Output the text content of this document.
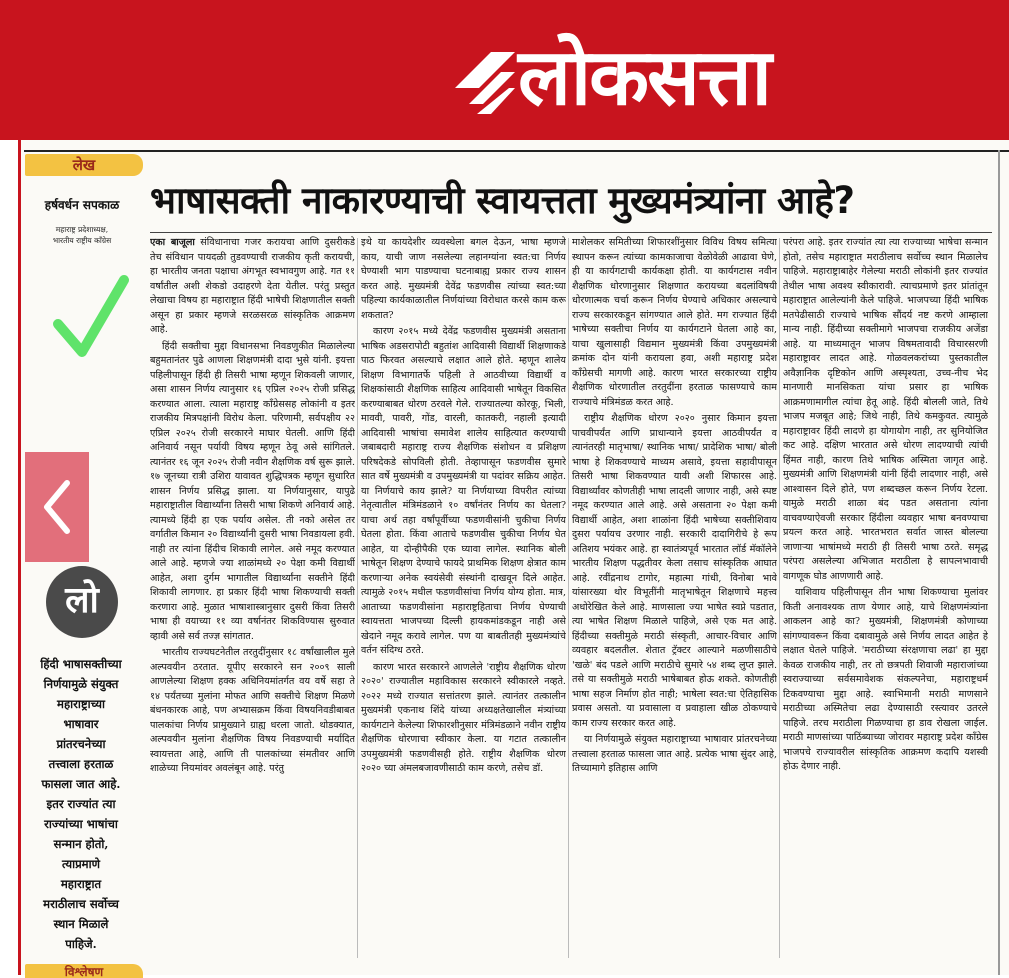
लोकसत्ता
लेख
हर्षवर्धन सपकाळ
महाराष्ट्र प्रदेशाध्यक्ष,
भारतीय राष्ट्रीय काँग्रेस
लो
हिंदी भाषासक्तीच्या
निर्णयामुळे संयुक्त
महाराष्ट्राच्या
भाषावार
प्रांतरचनेच्या
तत्त्वाला हरताळ
फासला जात आहे.
इतर राज्यांत त्या
राज्यांच्या भाषांचा
सन्मान होतो,
त्याप्रमाणे
महाराष्ट्रात
मराठीलाच सर्वोच्च
स्थान मिळाले
पाहिजे.
विश्लेषण
भाषासक्ती नाकारण्याची स्वायत्तता मुख्यमंत्र्यांना आहे?

एका बाजूला संविधानाचा गजर करायचा आणि दुसरीकडे तेच संविधान पायदळी तुडवण्याची राजकीय कृती करायची, हा भारतीय जनता पक्षाचा अंगभूत स्वभावगुण आहे. गत ११ वर्षांतील अशी शेकडो उदाहरणे देता येतील. परंतु प्रस्तुत लेखाचा विषय हा महाराष्ट्रात हिंदी भाषेची शिक्षणातील सक्ती असून हा प्रकार म्हणजे सरळसरळ सांस्कृतिक आक्रमण आहे.

हिंदी सक्तीचा मुद्दा विधानसभा निवडणुकीत मिळालेल्या बहुमतानंतर पुढे आणला शिक्षणमंत्री दादा भुसे यांनी. इयत्ता पहिलीपासून हिंदी ही तिसरी भाषा म्हणून शिकवली जाणार, असा शासन निर्णय त्यानुसार १६ एप्रिल २०२५ रोजी प्रसिद्ध करण्यात आला. त्याला महाराष्ट्र काँग्रेससह लोकांनी व इतर राजकीय मित्रपक्षांनी विरोध केला. परिणामी, सर्वपक्षीय २२ एप्रिल २०२५ रोजी सरकारने माघार घेतली. आणि हिंदी अनिवार्य नसून पर्यायी विषय म्हणून ठेवू असे सांगितले. त्यानंतर १६ जून २०२५ रोजी नवीन शैक्षणिक वर्ष सुरू झाले. १७ जूनच्या रात्री उशिरा यावावत शुद्धिपत्रक म्हणून सुधारित शासन निर्णय प्रसिद्ध झाला. या निर्णयानुसार, यापुढे महाराष्ट्रातील विद्यार्थ्यांना तिसरी भाषा शिकणे अनिवार्य आहे. त्यामध्ये हिंदी हा एक पर्याय असेल. ती नको असेल तर वर्गातील किमान २० विद्यार्थ्यांनी दुसरी भाषा निवडायला हवी. नाही तर त्यांना हिंदीच शिकावी लागेल. असे नमूद करण्यात आले आहे. म्हणजे ज्या शाळांमध्ये २० पेक्षा कमी विद्यार्थी आहेत, अशा दुर्गम भागातील विद्यार्थ्यांना सक्तीने हिंदी शिकावी लागणार. हा प्रकार हिंदी भाषा शिकण्याची सक्ती करणारा आहे. मुळात भाषाशास्त्रानुसार दुसरी किंवा तिसरी भाषा ही वयाच्या ११ व्या वर्षानंतर शिकविण्यास सुरुवात व्हावी असे सर्व तज्ज्ञ सांगतात.

भारतीय राज्यघटनेतील तरतुदींनुसार १८ वर्षांखालील मुले अल्पवयीन ठरतात. यूपीए सरकारने सन २००९ साली आणलेल्या शिक्षण हक्क अधिनियमांतर्गत वय वर्षे सहा ते १४ पर्यंतच्या मुलांना मोफत आणि सक्तीचे शिक्षण मिळणे बंधनकारक आहे, पण अभ्यासक्रम किंवा विषयनिवडीबाबत पालकांचा निर्णय प्रामुख्याने ग्राह्य धरला जातो. थोडक्यात, अल्पवयीन मुलांना शैक्षणिक विषय निवडण्याची मर्यादित स्वायत्तता आहे, आणि ती पालकांच्या संमतीवर आणि शाळेच्या नियमांवर अवलंबून आहे. परंतु

इथे या कायदेशीर व्यवस्थेला बगल देऊन, भाषा म्हणजे काय, याची जाण नसलेल्या लहानग्यांना स्वत:चा निर्णय घेण्याशी भाग पाडण्याचा घटनाबाह्य प्रकार राज्य शासन करत आहे. मुख्यमंत्री देवेंद्र फडणवीस त्यांच्या स्वत:च्या पहिल्या कार्यकाळातील निर्णयांच्या विरोधात करसे काम करू शकतात?

कारण २०१५ मध्ये देवेंद्र फडणवीस मुख्यमंत्री असताना भाषिक अडसरापोटी बहुतांश आदिवासी विद्यार्थी शिक्षणाकडे पाठ फिरवत असल्याचे लक्षात आले होते. म्हणून शालेय शिक्षण विभागातर्फे पहिली ते आठवीच्या विद्यार्थी व शिक्षकांसाठी शैक्षणिक साहित्य आदिवासी भाषेतून विकसित करण्याबाबत धोरण ठरवले गेले. राज्यातल्या कोरकू, भिली, माववी, पावरी, गोंड, वारली, कातकरी, नहाली इत्यादी आदिवासी भाषांचा समावेश शालेय साहित्यात करण्याची जबाबदारी महाराष्ट्र राज्य शैक्षणिक संशोधन व प्रशिक्षण परिषदेकडे सोपविली होती. तेव्हापासून फडणवीस सुमारे सात वर्षे मुख्यमंत्री व उपमुख्यमंत्री या पदांवर सक्रिय आहेत. या निर्णयाचे काय झाले? या निर्णयाच्या विपरीत त्यांच्या नेतृत्वातील मंत्रिमंडळाने १० वर्षांनंतर निर्णय का घेतला? याचा अर्थ तहा वर्षांपूर्वीच्या फडणवीसांनी चुकीचा निर्णय घेतला होता. किंवा आताचे फडणवीस चुकीचा निर्णय घेत आहेत, या दोन्हीपैकी एक घ्यावा लागेल. स्थानिक बोली भाषेतून शिक्षण देण्याचे फायदे प्राथमिक शिक्षण क्षेत्रात काम करणाऱ्या अनेक स्वयंसेवी संस्थांनी दाखवून दिले आहेत. त्यामुळे २०१५ मधील फडणवीसांचा निर्णय योग्य होता. मात्र, आताच्या फडणवीसांना महाराष्ट्रहिताचा निर्णय घेण्याची स्वायत्तता भाजपच्या दिल्ली हायकमांडकडून नाही असे खेदाने नमूद करावे लागेल. पण या बाबतीतही मुख्यमंत्र्यांचे वर्तन संदिग्ध ठरते.

कारण भारत सरकारने आणलेले 'राष्ट्रीय शैक्षणिक धोरण २०२०' राज्यातील महाविकास सरकारने स्वीकारले नव्हते. २०२२ मध्ये राज्यात सत्तांतरण झाले. त्यानंतर तत्कालीन मुख्यमंत्री एकनाथ शिंदे यांच्या अध्यक्षतेखालील मंत्र्यांच्या कार्यगटाने केलेल्या शिफारशीनुसार मंत्रिमंडळाने नवीन राष्ट्रीय शैक्षणिक धोरणाचा स्वीकार केला. या गटात तत्कालीन उपमुख्यमंत्री फडणवीसही होते. राष्ट्रीय शैक्षणिक धोरण २०२० च्या अंमलबजावणीसाठी काम करणे, तसेच डॉ.

माशेलकर समितीच्या शिफारशींनुसार विविध विषय समित्या स्थापन करून त्यांच्या कामकाजाचा वेळोवेळी आढावा घेणे, ही या कार्यगटाची कार्यकक्षा होती. या कार्यगटास नवीन शैक्षणिक धोरणानुसार शिक्षणात करायच्या बदलांविषयी धोरणात्मक चर्चा करून निर्णय घेण्याचे अधिकार असल्याचे राज्य सरकारकडून सांगण्यात आले होते. मग राज्यात हिंदी भाषेच्या सक्तीचा निर्णय या कार्यगटाने घेतला आहे का, याचा खुलासाही विद्यमान मुख्यमंत्री किंवा उपमुख्यमंत्री क्रमांक दोन यांनी करायला हवा, अशी महाराष्ट्र प्रदेश काँग्रेसची मागणी आहे. कारण भारत सरकारच्या राष्ट्रीय शैक्षणिक धोरणातील तरतुदींना हरताळ फासण्याचे काम राज्याचे मंत्रिमंडळ करत आहे.

राष्ट्रीय शैक्षणिक धोरण २०२० नुसार किमान इयत्ता पाचवीपर्यंत आणि प्राधान्याने इयत्ता आठवीपर्यंत व त्यानंतरही मातृभाषा/ स्थानिक भाषा/ प्रादेशिक भाषा/ बोली भाषा हे शिकवण्याचे माध्यम असावे, इयत्ता सहावीपासून तिसरी भाषा शिकवण्यात यावी अशी शिफारस आहे. विद्यार्थ्यांवर कोणतीही भाषा लादली जाणार नाही, असे स्पष्ट नमूद करण्यात आले आहे. असे असताना २० पेक्षा कमी विद्यार्थी आहेत, अशा शाळांना हिंदी भाषेच्या सक्तीशिवाय दुसरा पर्यायच उरणार नाही. सरकारी दादागिरीचे हे रूप अतिशय भयंकर आहे. हा स्वातंत्र्यपूर्व भारतात लॉर्ड मॅकॉलेने भारतीय शिक्षण पद्धतीवर केला तसाच सांस्कृतिक आघात आहे. रवींद्रनाथ टागोर, महात्मा गांधी, विनोबा भावे यांसारख्या थोर विभूतींनी मातृभाषेतून शिक्षणाचे महत्त्व अधोरेखित केले आहे. माणसाला ज्या भाषेत स्वप्ने पडतात, त्या भाषेत शिक्षण मिळाले पाहिजे, असे एक मत आहे. हिंदीच्या सक्तीमुळे मराठी संस्कृती, आचार-विचार आणि व्यवहार बदलतील. शेतात ट्रॅक्टर आल्याने मळणीसाठीचे 'खळे' बंद पडले आणि मराठीचे सुमारे ५४ शब्द लुप्त झाले. तसे या सक्तीमुळे मराठी भाषेबाबत होऊ शकते. कोणतीही भाषा सहज निर्माण होत नाही; भाषेला स्वत:चा ऐतिहासिक प्रवास असतो. या प्रवासाला व प्रवाहाला खीळ ठोकण्याचे काम राज्य सरकार करत आहे.

या निर्णयामुळे संयुक्त महाराष्ट्राच्या भाषावार प्रांतरचनेच्या तत्त्वाला हरताळ फासला जात आहे. प्रत्येक भाषा सुंदर आहे, तिच्यामागे इतिहास आणि

परंपरा आहे. इतर राज्यांत त्या त्या राज्याच्या भाषेचा सन्मान होतो, तसेच महाराष्ट्रात मराठीलाच सर्वोच्च स्थान मिळालेच पाहिजे. महाराष्ट्राबाहेर गेलेल्या मराठी लोकांनी इतर राज्यांत तेथील भाषा अवश्य स्वीकारावी. त्याचप्रमाणे इतर प्रांतांतून महाराष्ट्रात आलेल्यांनी केले पाहिजे. भाजपच्या हिंदी भाषिक मतपेढीसाठी राज्याचे भाषिक सौंदर्य नष्ट करणे आम्हाला मान्य नाही. हिंदीच्या सक्तीमागे भाजपचा राजकीय अजेंडा आहे. या माध्यमातून भाजप विषमतावादी विचारसरणी महाराष्ट्रावर लादत आहे. गोळवलकरांच्या पुस्तकातील अवैज्ञानिक दृष्टिकोन आणि अस्पृश्यता, उच्च-नीच भेद मानणारी मानसिकता यांचा प्रसार हा भाषिक आक्रमणामागील त्यांचा हेतू आहे. हिंदी बोलली जाते, तिथे भाजप मजबूत आहे; जिथे नाही, तिथे कमकुवत. त्यामुळे महाराष्ट्रावर हिंदी लादणे हा योगायोग नाही, तर सुनियोजित कट आहे. दक्षिण भारतात असे धोरण लादण्याची त्यांची हिंमत नाही, कारण तिथे भाषिक अस्मिता जागृत आहे. मुख्यमंत्री आणि शिक्षणमंत्री यांनी हिंदी लादणार नाही, असे आश्वासन दिले होते, पण शब्दच्छल करून निर्णय रेटला. यामुळे मराठी शाळा बंद पडत असताना त्यांना वाचवण्याऐवजी सरकार हिंदीला व्यवहार भाषा बनवण्याचा प्रयत्न करत आहे. भारतभरात सर्वात जास्त बोलल्या जाणाऱ्या भाषांमध्ये मराठी ही तिसरी भाषा ठरते. समृद्ध परंपरा असलेल्या अभिजात मराठीला हे सापत्नभावाची वागणूक घोड आणणारी आहे.

याशिवाय पहिलीपासून तीन भाषा शिकण्याचा मुलांवर किती अनावश्यक ताण येणार आहे, याचे शिक्षणमंत्र्यांना आकलन आहे का? मुख्यमंत्री, शिक्षणमंत्री कोणाच्या सांगण्यावरून किंवा दबावामुळे असे निर्णय लादत आहेत हे लक्षात घेतले पाहिजे. 'मराठीच्या संरक्षणाचा लढा' हा मुद्दा केवळ राजकीय नाही, तर तो छत्रपती शिवाजी महाराजांच्या स्वराज्याच्या सर्वसमावेशक संकल्पनेचा, महाराष्ट्रधर्म टिकवण्याचा मुद्दा आहे. स्वाभिमानी मराठी माणसाने मराठीच्या अस्मितेचा लढा देण्यासाठी रस्त्यावर उतरले पाहिजे. तरच मराठीला गिळण्याचा हा डाव रोखला जाईल. मराठी माणसांच्या पाठिंब्याच्या जोरावर महाराष्ट्र प्रदेश काँग्रेस भाजपचे राज्यावरील सांस्कृतिक आक्रमण कदापि यशस्वी होऊ देणार नाही.
